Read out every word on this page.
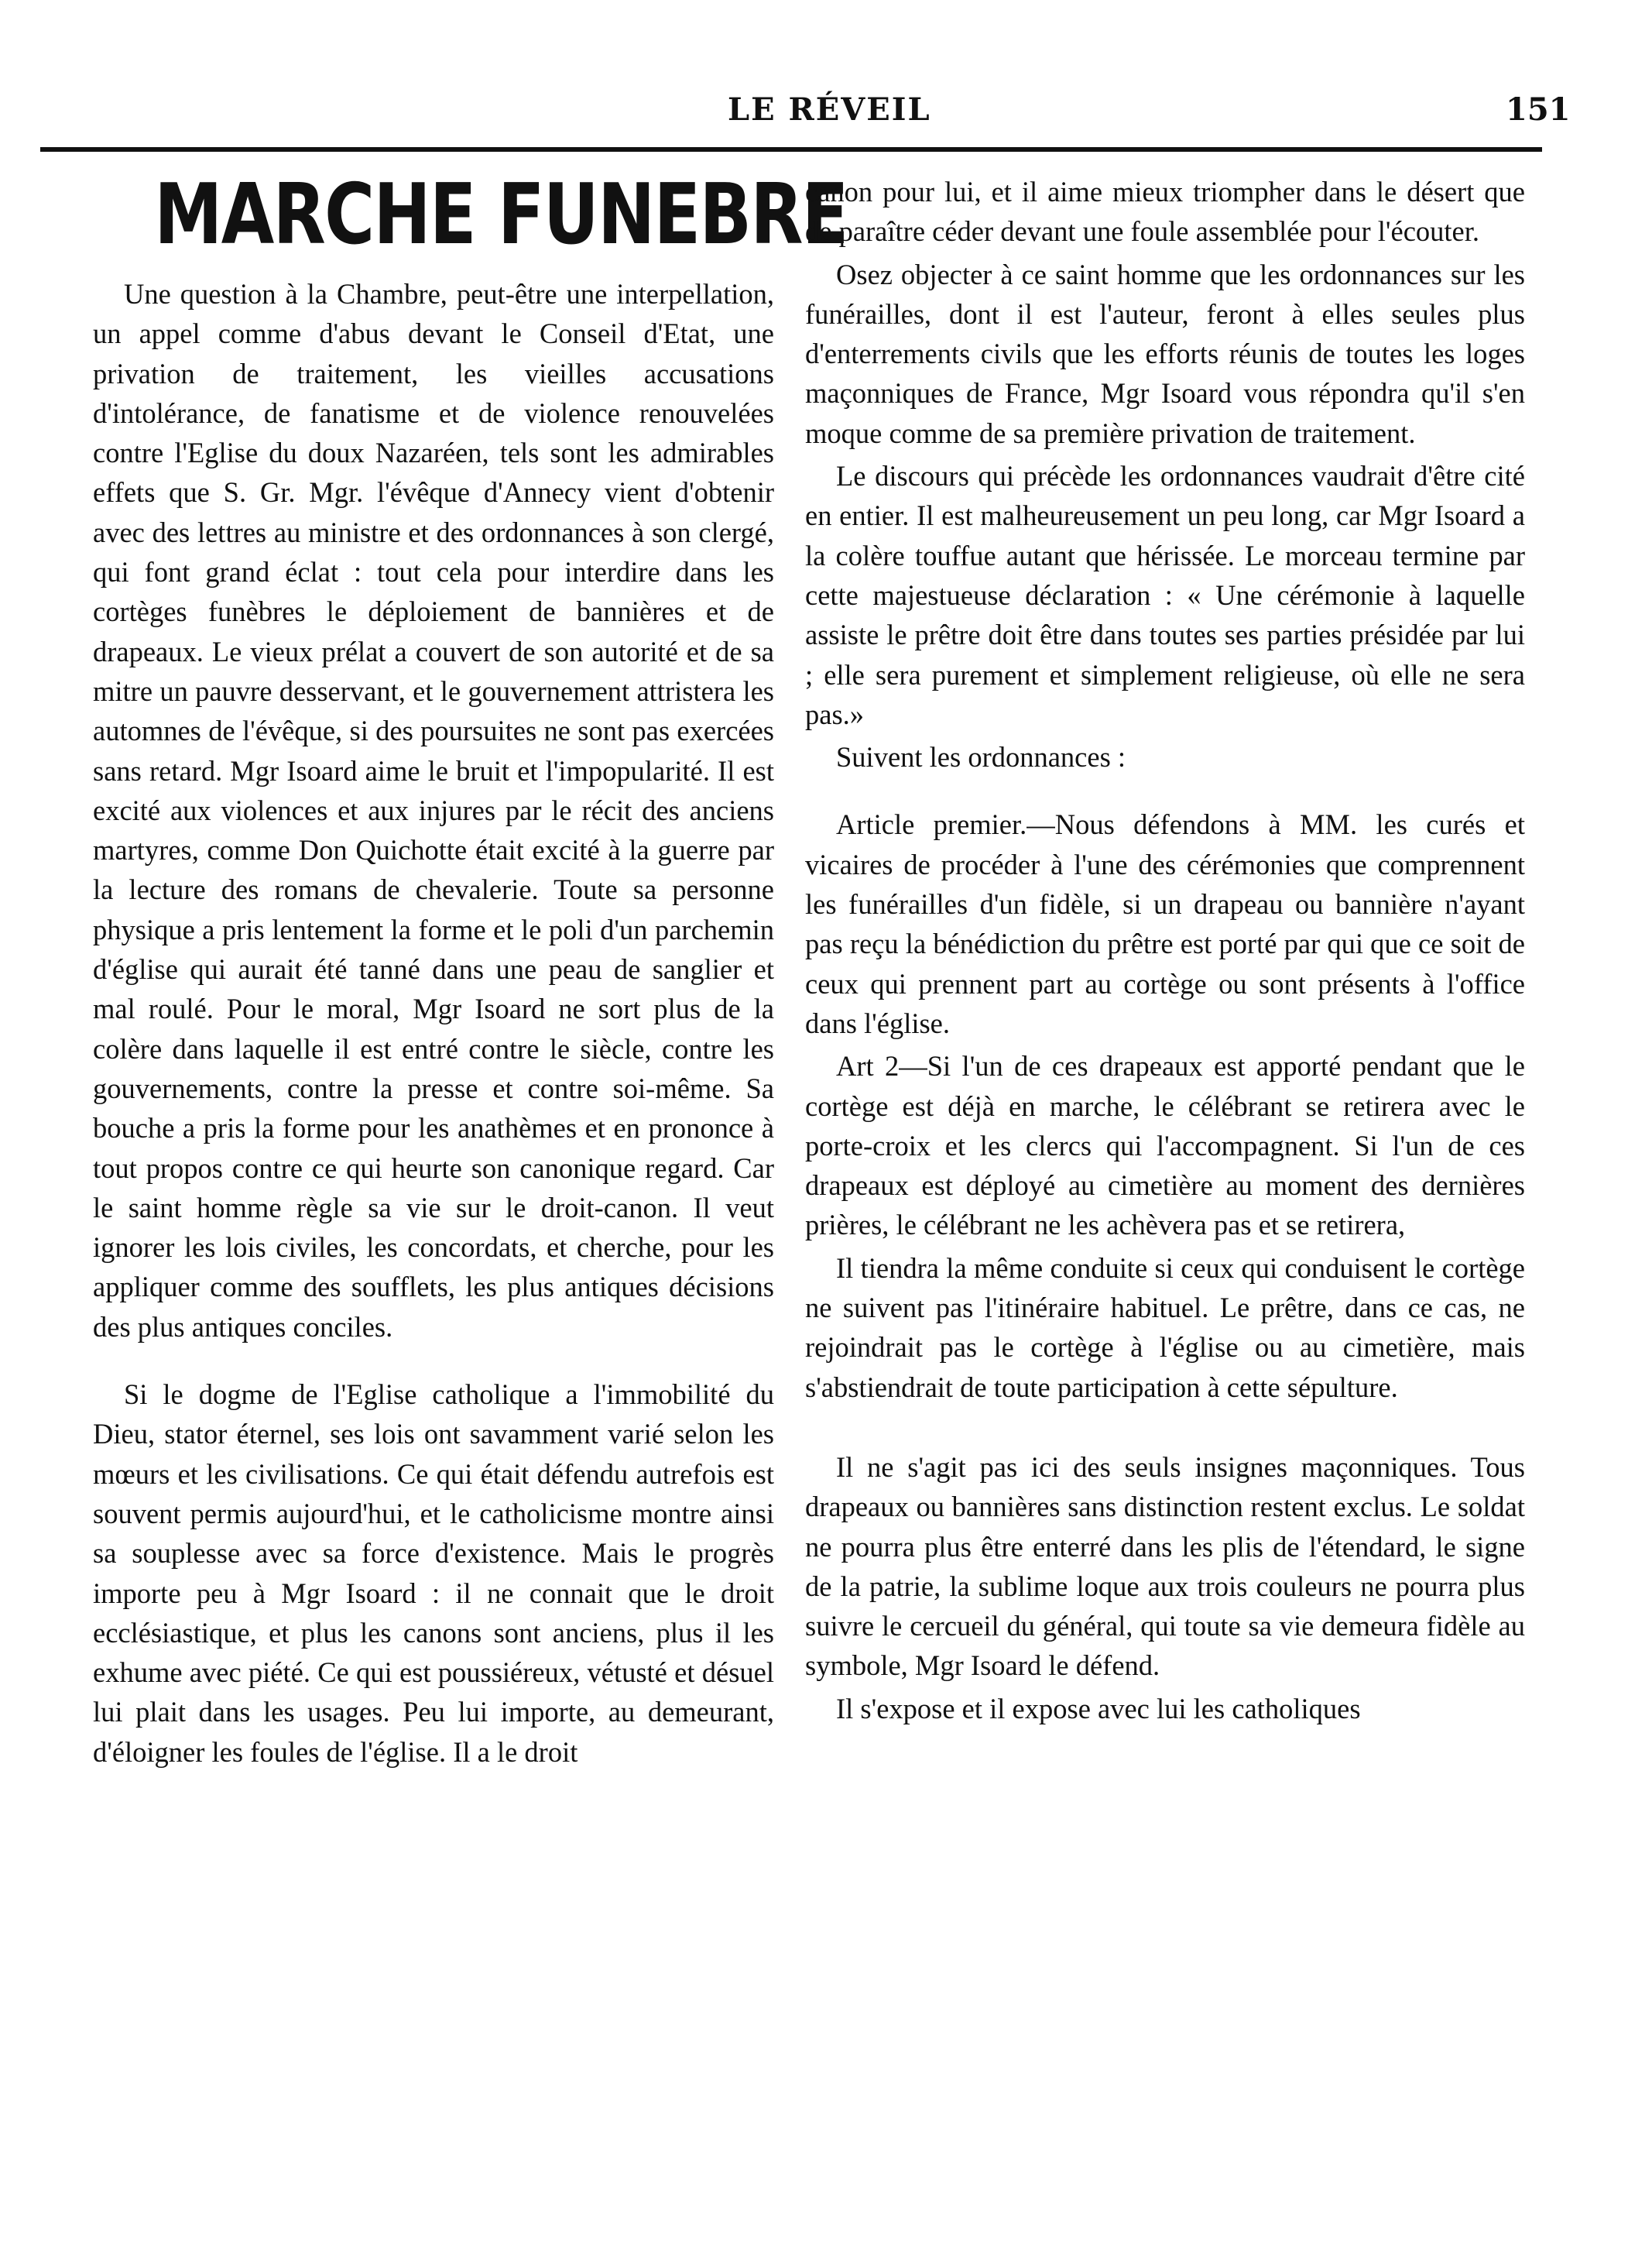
LE RÉVEIL	151
MARCHE FUNEBRE

Une question à la Chambre, peut-être une interpellation, un appel comme d'abus devant le Conseil d'Etat, une privation de traitement, les vieilles accusations d'intolérance, de fanatisme et de violence renouvelées contre l'Eglise du doux Nazaréen, tels sont les admirables effets que S. Gr. Mgr. l'évêque d'Annecy vient d'obtenir avec des lettres au ministre et des ordonnances à son clergé, qui font grand éclat : tout cela pour interdire dans les cortèges funèbres le déploiement de bannières et de drapeaux. Le vieux prélat a couvert de son autorité et de sa mitre un pauvre desservant, et le gouvernement attristera les automnes de l'évêque, si des poursuites ne sont pas exercées sans retard. Mgr Isoard aime le bruit et l'impopularité. Il est excité aux violences et aux injures par le récit des anciens martyres, comme Don Quichotte était excité à la guerre par la lecture des romans de chevalerie. Toute sa personne physique a pris lentement la forme et le poli d'un parchemin d'église qui aurait été tanné dans une peau de sanglier et mal roulé. Pour le moral, Mgr Isoard ne sort plus de la colère dans laquelle il est entré contre le siècle, contre les gouvernements, contre la presse et contre soi-même. Sa bouche a pris la forme pour les anathèmes et en prononce à tout propos contre ce qui heurte son canonique regard. Car le saint homme règle sa vie sur le droit-canon. Il veut ignorer les lois civiles, les concordats, et cherche, pour les appliquer comme des soufflets, les plus antiques décisions des plus antiques conciles.

Si le dogme de l'Eglise catholique a l'immobilité du Dieu, stator éternel, ses lois ont savamment varié selon les mœurs et les civilisations. Ce qui était défendu autrefois est souvent permis aujourd'hui, et le catholicisme montre ainsi sa souplesse avec sa force d'existence. Mais le progrès importe peu à Mgr Isoard : il ne connait que le droit ecclésiastique, et plus les canons sont anciens, plus il les exhume avec piété. Ce qui est poussiéreux, vétusté et désuel lui plait dans les usages. Peu lui importe, au demeurant, d'éloigner les foules de l'église. Il a le droit

canon pour lui, et il aime mieux triompher dans le désert que de paraître céder devant une foule assemblée pour l'écouter.

Osez objecter à ce saint homme que les ordonnances sur les funérailles, dont il est l'auteur, feront à elles seules plus d'enterrements civils que les efforts réunis de toutes les loges maçonniques de France, Mgr Isoard vous répondra qu'il s'en moque comme de sa première privation de traitement.

Le discours qui précède les ordonnances vaudrait d'être cité en entier. Il est malheureusement un peu long, car Mgr Isoard a la colère touffue autant que hérissée. Le morceau termine par cette majestueuse déclaration : « Une cérémonie à laquelle assiste le prêtre doit être dans toutes ses parties présidée par lui ; elle sera purement et simplement religieuse, où elle ne sera pas.»

Suivent les ordonnances :

Article premier.—Nous défendons à MM. les curés et vicaires de procéder à l'une des cérémonies que comprennent les funérailles d'un fidèle, si un drapeau ou bannière n'ayant pas reçu la bénédiction du prêtre est porté par qui que ce soit de ceux qui prennent part au cortège ou sont présents à l'office dans l'église.

Art 2—Si l'un de ces drapeaux est apporté pendant que le cortège est déjà en marche, le célébrant se retirera avec le porte-croix et les clercs qui l'accompagnent. Si l'un de ces drapeaux est déployé au cimetière au moment des dernières prières, le célébrant ne les achèvera pas et se retirera,

Il tiendra la même conduite si ceux qui conduisent le cortège ne suivent pas l'itinéraire habituel. Le prêtre, dans ce cas, ne rejoindrait pas le cortège à l'église ou au cimetière, mais s'abstiendrait de toute participation à cette sépulture.

Il ne s'agit pas ici des seuls insignes maçonniques. Tous drapeaux ou bannières sans distinction restent exclus. Le soldat ne pourra plus être enterré dans les plis de l'étendard, le signe de la patrie, la sublime loque aux trois couleurs ne pourra plus suivre le cercueil du général, qui toute sa vie demeura fidèle au symbole, Mgr Isoard le défend.

Il s'expose et il expose avec lui les catholiques
